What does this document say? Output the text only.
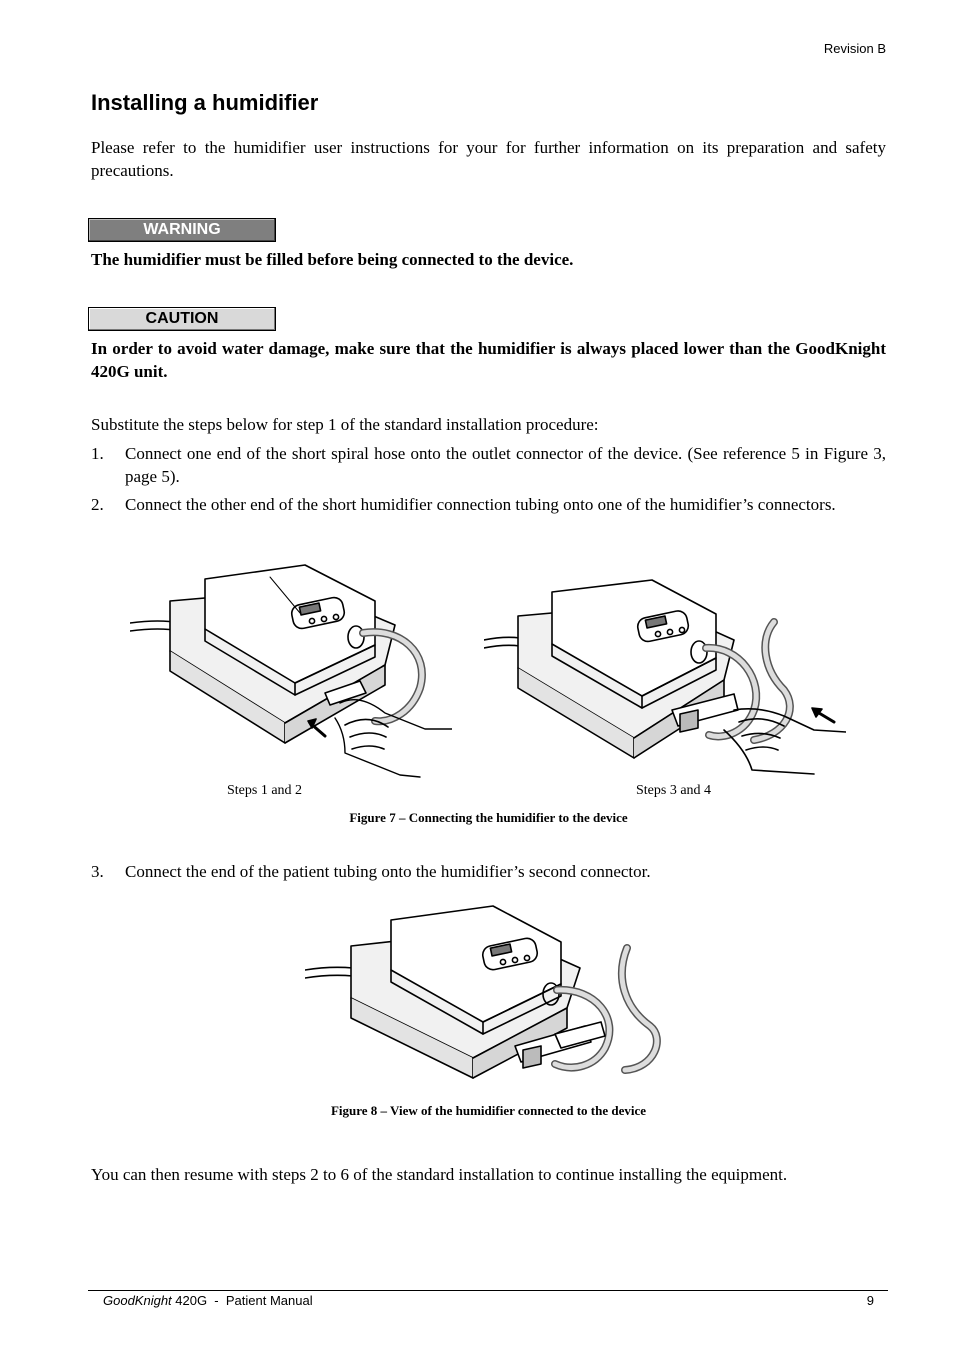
Revision B
Installing a humidifier

Please refer to the humidifier user instructions for your for further information on its preparation and safety precautions.

WARNING

The humidifier must be filled before being connected to the device.

CAUTION

In order to avoid water damage, make sure that the humidifier is always placed lower than the GoodKnight 420G unit.

Substitute the steps below for step 1 of the standard installation procedure:

1. Connect one end of the short spiral hose onto the outlet connector of the device. (See reference 5 in Figure 3, page 5).
2. Connect the other end of the short humidifier connection tubing onto one of the humidifier’s connectors.
Steps 1 and 2	Steps 3 and 4
Figure 7 – Connecting the humidifier to the device
3. Connect the end of the patient tubing onto the humidifier’s second connector.
Figure 8 – View of the humidifier connected to the device

You can then resume with steps 2 to 6 of the standard installation to continue installing the equipment.

GoodKnight 420G  -  Patient Manual	9
